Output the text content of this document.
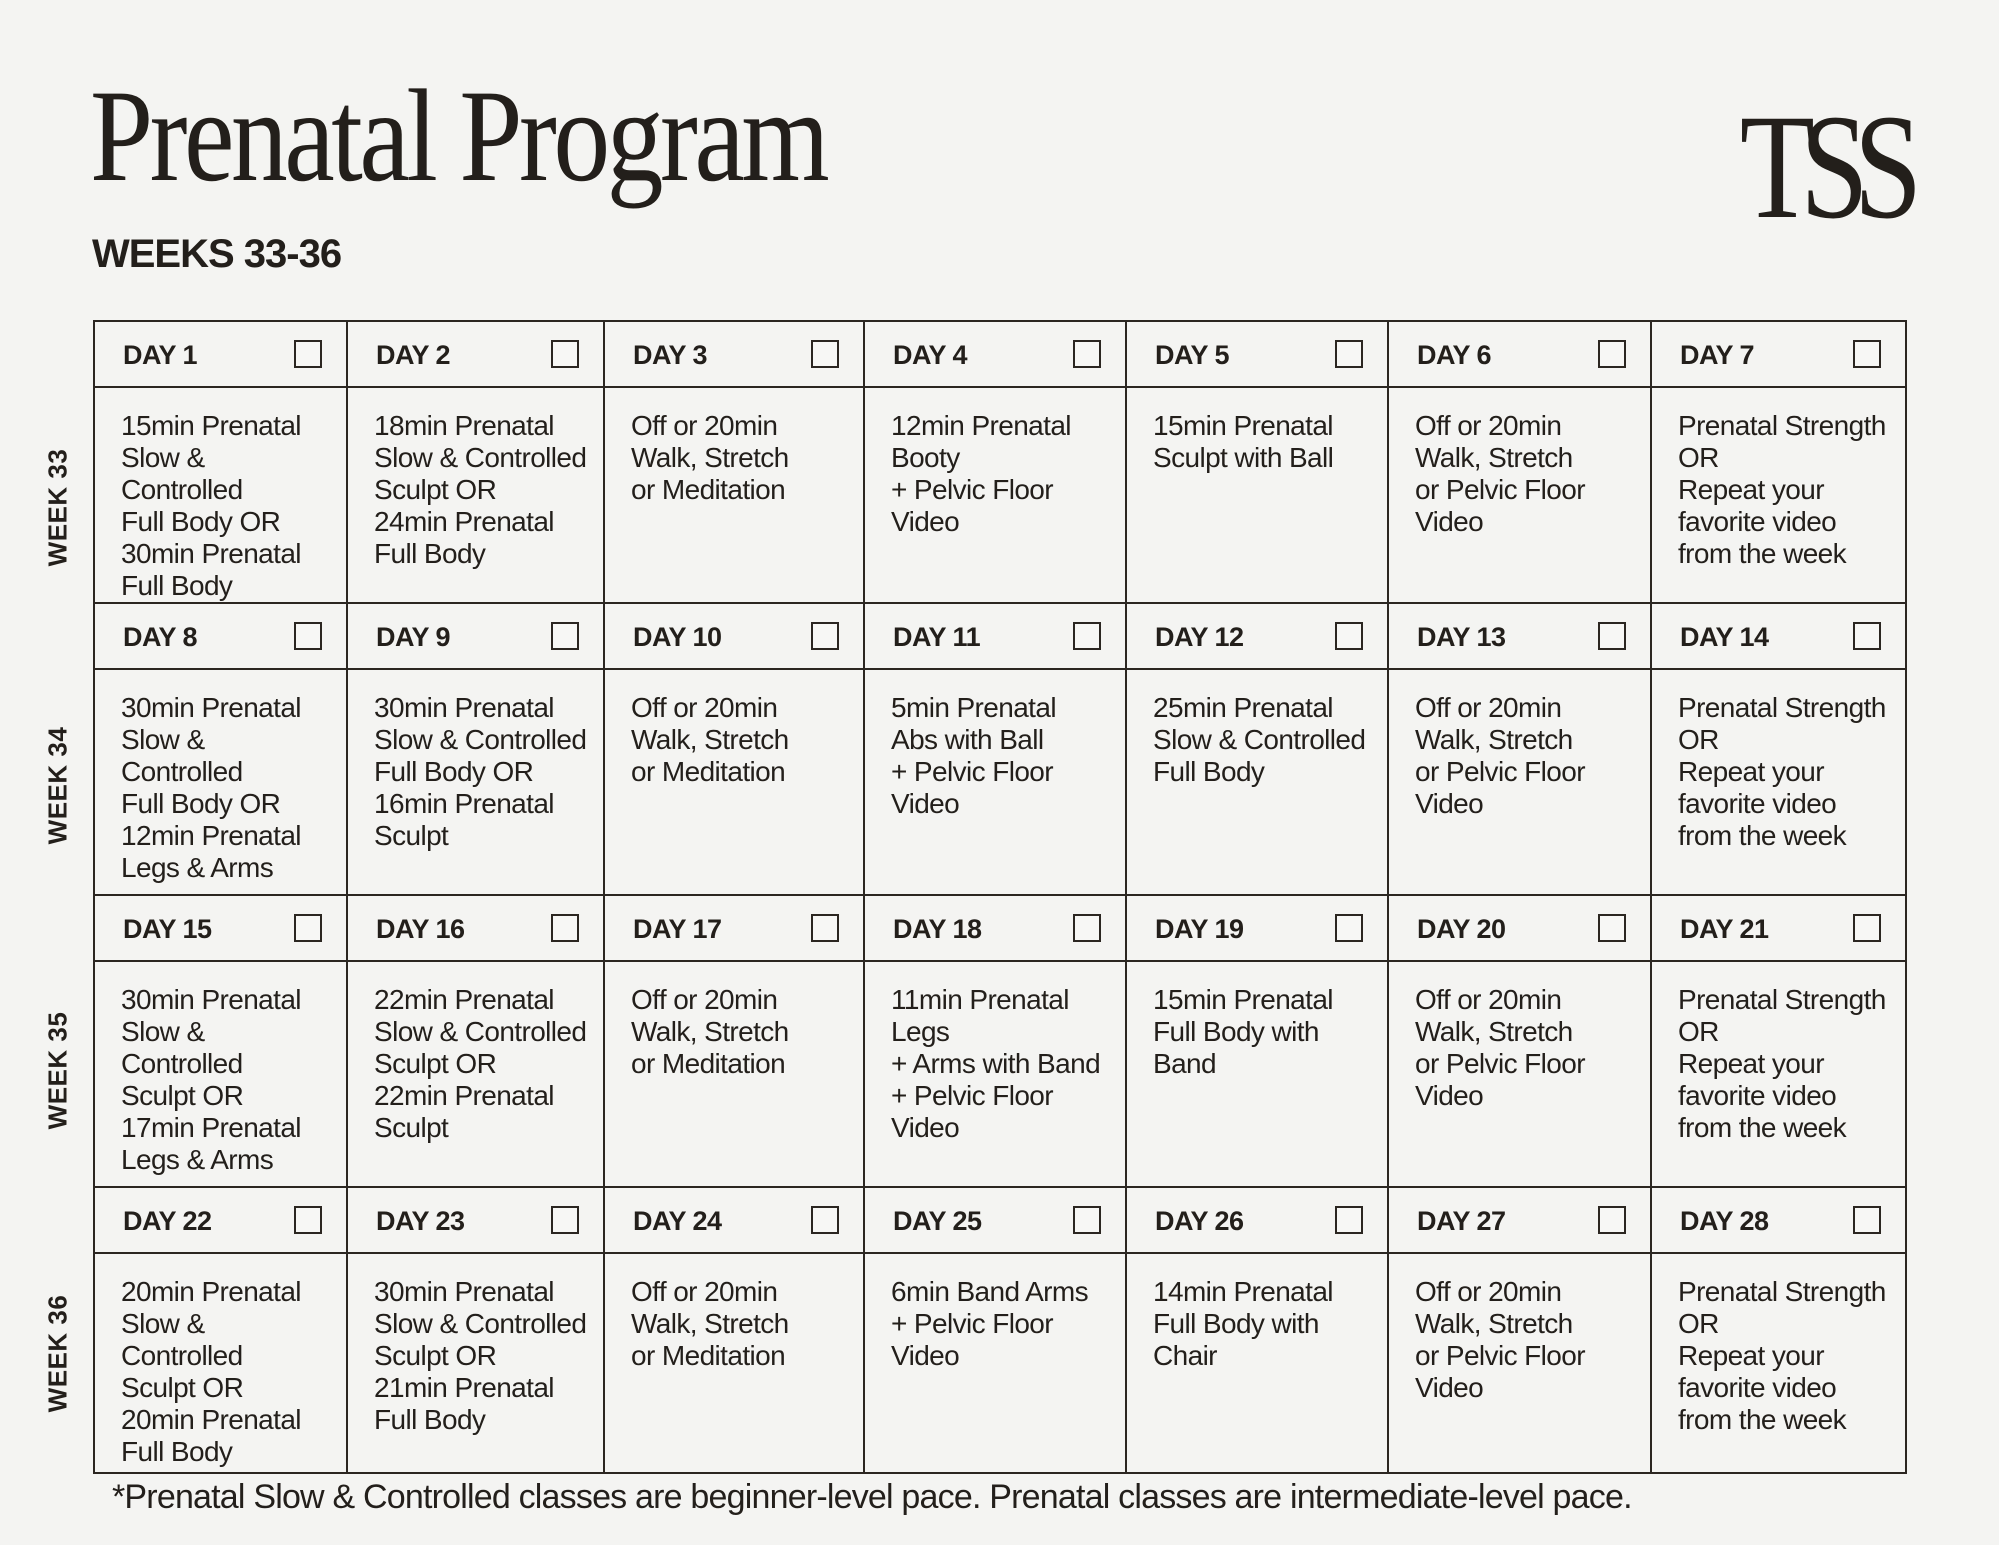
Prenatal Program
WEEKS 33-36
TSS
WEEK 33
WEEK 34
WEEK 35
WEEK 36
DAY 1	DAY 2	DAY 3	DAY 4	DAY 5	DAY 6	DAY 7

15min Prenatal
Slow & Controlled
Full Body OR
30min Prenatal
Full Body	18min Prenatal
Slow & Controlled
Sculpt OR
24min Prenatal
Full Body	Off or 20min
Walk, Stretch
or Meditation	12min Prenatal
Booty
+ Pelvic Floor Video	15min Prenatal
Sculpt with Ball	Off or 20min
Walk, Stretch
or Pelvic Floor
Video	Prenatal Strength
OR
Repeat your
favorite video
from the week

DAY 8	DAY 9	DAY 10	DAY 11	DAY 12	DAY 13	DAY 14

30min Prenatal
Slow & Controlled
Full Body OR
12min Prenatal
Legs & Arms	30min Prenatal
Slow & Controlled
Full Body OR
16min Prenatal
Sculpt	Off or 20min
Walk, Stretch
or Meditation	5min Prenatal
Abs with Ball
+ Pelvic Floor Video	25min Prenatal
Slow & Controlled
Full Body	Off or 20min
Walk, Stretch
or Pelvic Floor
Video	Prenatal Strength
OR
Repeat your
favorite video
from the week

DAY 15	DAY 16	DAY 17	DAY 18	DAY 19	DAY 20	DAY 21

30min Prenatal
Slow & Controlled
Sculpt OR
17min Prenatal
Legs & Arms	22min Prenatal
Slow & Controlled
Sculpt OR
22min Prenatal
Sculpt	Off or 20min
Walk, Stretch
or Meditation	11min Prenatal Legs
+ Arms with Band
+ Pelvic Floor Video	15min Prenatal
Full Body with
Band	Off or 20min
Walk, Stretch
or Pelvic Floor
Video	Prenatal Strength
OR
Repeat your
favorite video
from the week

DAY 22	DAY 23	DAY 24	DAY 25	DAY 26	DAY 27	DAY 28

20min Prenatal
Slow & Controlled
Sculpt OR
20min Prenatal
Full Body	30min Prenatal
Slow & Controlled
Sculpt OR
21min Prenatal
Full Body	Off or 20min
Walk, Stretch
or Meditation	6min Band Arms
+ Pelvic Floor Video	14min Prenatal
Full Body with
Chair	Off or 20min
Walk, Stretch
or Pelvic Floor
Video	Prenatal Strength
OR
Repeat your
favorite video
from the week
*Prenatal Slow & Controlled classes are beginner-level pace. Prenatal classes are intermediate-level pace.
